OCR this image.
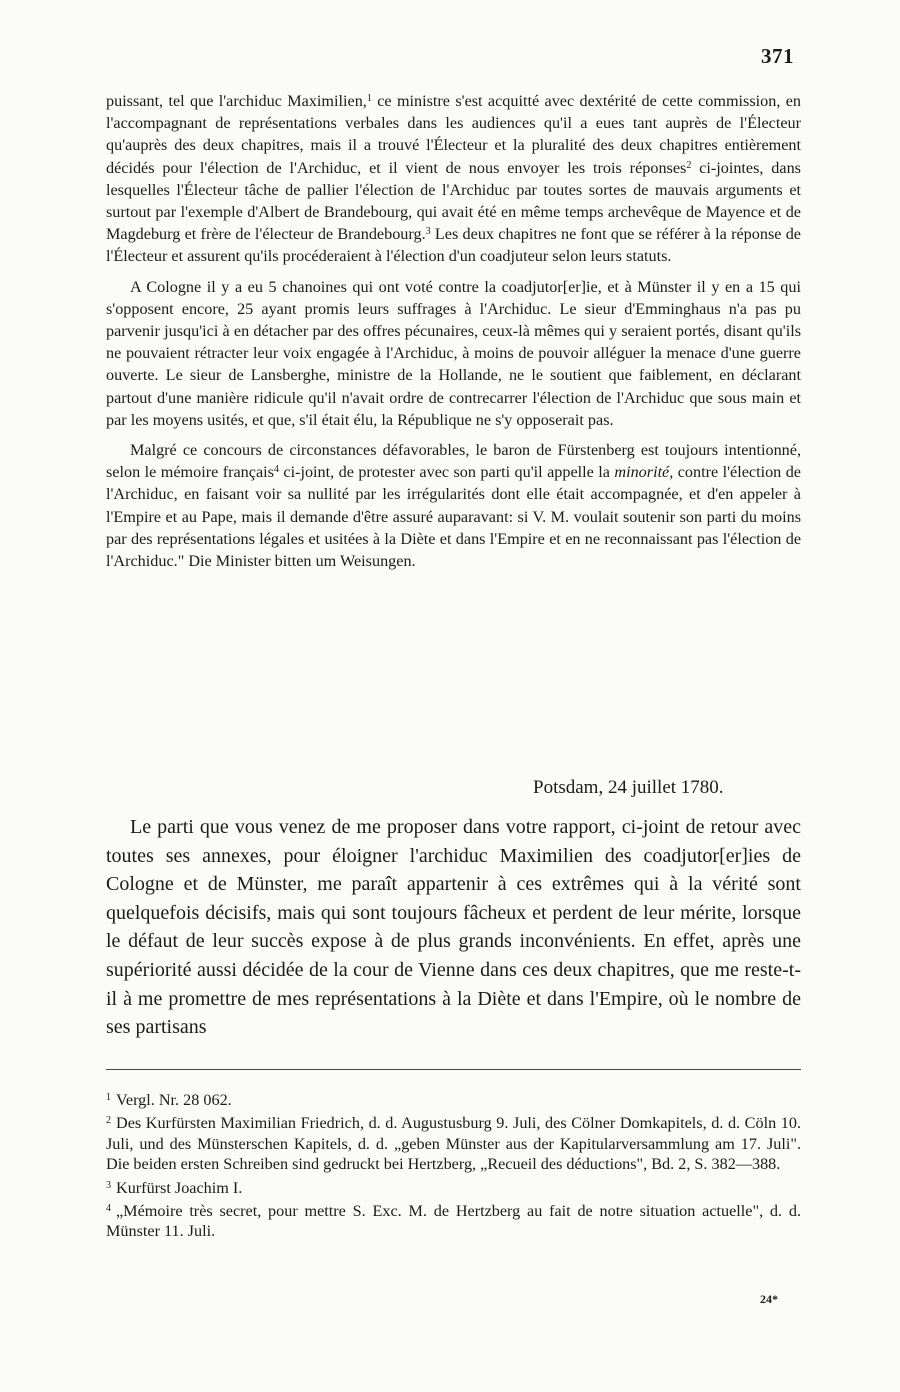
371

puissant, tel que l'archiduc Maximilien,$^1$ ce ministre s'est acquitté avec dextérité de cette commission, en l'accompagnant de représentations verbales dans les audiences qu'il a eues tant auprès de l'Électeur qu'auprès des deux chapitres, mais il a trouvé l'Électeur et la pluralité des deux chapitres entièrement décidés pour l'élection de l'Archiduc, et il vient de nous envoyer les trois réponses$^2$ ci-jointes, dans lesquelles l'Électeur tâche de pallier l'élection de l'Archiduc par toutes sortes de mauvais arguments et surtout par l'exemple d'Albert de Brandebourg, qui avait été en même temps archevêque de Mayence et de Magdeburg et frère de l'électeur de Brandebourg.$^3$ Les deux chapitres ne font que se référer à la réponse de l'Électeur et assurent qu'ils procéderaient à l'élection d'un coadjuteur selon leurs statuts.

A Cologne il y a eu 5 chanoines qui ont voté contre la coadjutor[er]ie, et à Münster il y en a 15 qui s'opposent encore, 25 ayant promis leurs suffrages à l'Archiduc. Le sieur d'Emminghaus n'a pas pu parvenir jusqu'ici à en détacher par des offres pécunaires, ceux-là mêmes qui y seraient portés, disant qu'ils ne pouvaient rétracter leur voix engagée à l'Archiduc, à moins de pouvoir alléguer la menace d'une guerre ouverte. Le sieur de Lansberghe, ministre de la Hollande, ne le soutient que faiblement, en déclarant partout d'une manière ridicule qu'il n'avait ordre de contrecarrer l'élection de l'Archiduc que sous main et par les moyens usités, et que, s'il était élu, la République ne s'y opposerait pas.

Malgré ce concours de circonstances défavorables, le baron de Fürstenberg est toujours intentionné, selon le mémoire français$^4$ ci-joint, de protester avec son parti qu'il appelle la minorité, contre l'élection de l'Archiduc, en faisant voir sa nullité par les irrégularités dont elle était accompagnée, et d'en appeler à l'Empire et au Pape, mais il demande d'être assuré auparavant: si V. M. voulait soutenir son parti du moins par des représentations légales et usitées à la Diète et dans l'Empire et en ne reconnaissant pas l'élection de l'Archiduc." Die Minister bitten um Weisungen.

Potsdam, 24 juillet 1780.

Le parti que vous venez de me proposer dans votre rapport, ci-joint de retour avec toutes ses annexes, pour éloigner l'archiduc Maximilien des coadjutor[er]ies de Cologne et de Münster, me paraît appartenir à ces extrêmes qui à la vérité sont quelquefois décisifs, mais qui sont toujours fâcheux et perdent de leur mérite, lorsque le défaut de leur succès expose à de plus grands inconvénients. En effet, après une supériorité aussi décidée de la cour de Vienne dans ces deux chapitres, que me reste-t-il à me promettre de mes représentations à la Diète et dans l'Empire, où le nombre de ses partisans

$^1$ Vergl. Nr. 28 062.

$^2$ Des Kurfürsten Maximilian Friedrich, d. d. Augustusburg 9. Juli, des Cölner Domkapitels, d. d. Cöln 10. Juli, und des Münsterschen Kapitels, d. d. „geben Münster aus der Kapitularversammlung am 17. Juli". Die beiden ersten Schreiben sind gedruckt bei Hertzberg, „Recueil des déductions", Bd. 2, S. 382—388.

$^3$ Kurfürst Joachim I.

$^4$ „Mémoire très secret, pour mettre S. Exc. M. de Hertzberg au fait de notre situation actuelle", d. d. Münster 11. Juli.

24*
